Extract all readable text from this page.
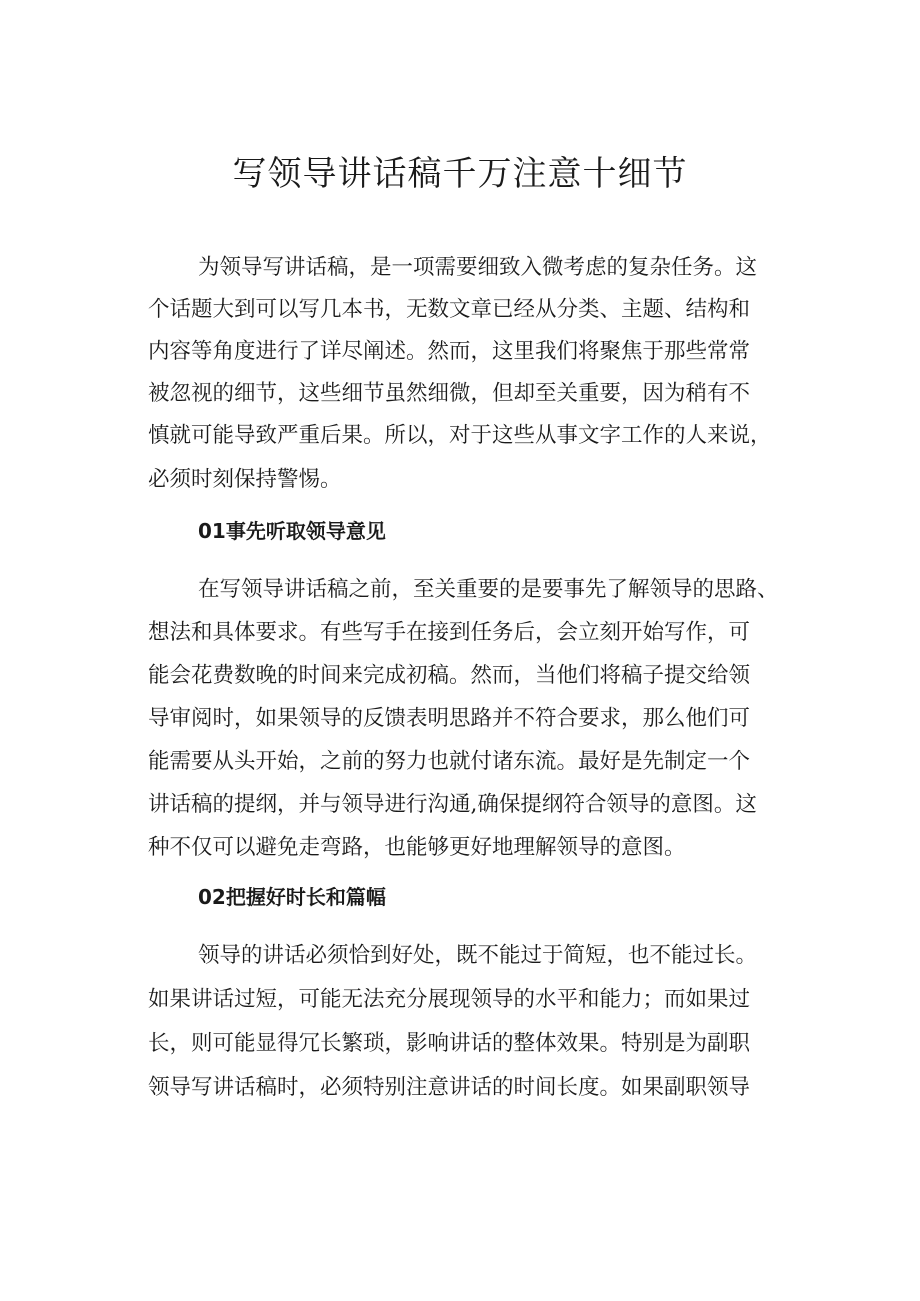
写领导讲话稿千万注意十细节
为领导写讲话稿，是一项需要细致入微考虑的复杂任务。这
个话题大到可以写几本书，无数文章已经从分类、主题、结构和
内容等角度进行了详尽阐述。然而，这里我们将聚焦于那些常常
被忽视的细节，这些细节虽然细微，但却至关重要，因为稍有不
慎就可能导致严重后果。所以，对于这些从事文字工作的人来说，
必须时刻保持警惕。
01事先听取领导意见
在写领导讲话稿之前，至关重要的是要事先了解领导的思路、
想法和具体要求。有些写手在接到任务后，会立刻开始写作，可
能会花费数晚的时间来完成初稿。然而，当他们将稿子提交给领
导审阅时，如果领导的反馈表明思路并不符合要求，那么他们可
能需要从头开始，之前的努力也就付诸东流。最好是先制定一个
讲话稿的提纲，并与领导进行沟通,确保提纲符合领导的意图。这
种不仅可以避免走弯路，也能够更好地理解领导的意图。
02把握好时长和篇幅
领导的讲话必须恰到好处，既不能过于简短，也不能过长。
如果讲话过短，可能无法充分展现领导的水平和能力；而如果过
长，则可能显得冗长繁琐，影响讲话的整体效果。特别是为副职
领导写讲话稿时，必须特别注意讲话的时间长度。如果副职领导
